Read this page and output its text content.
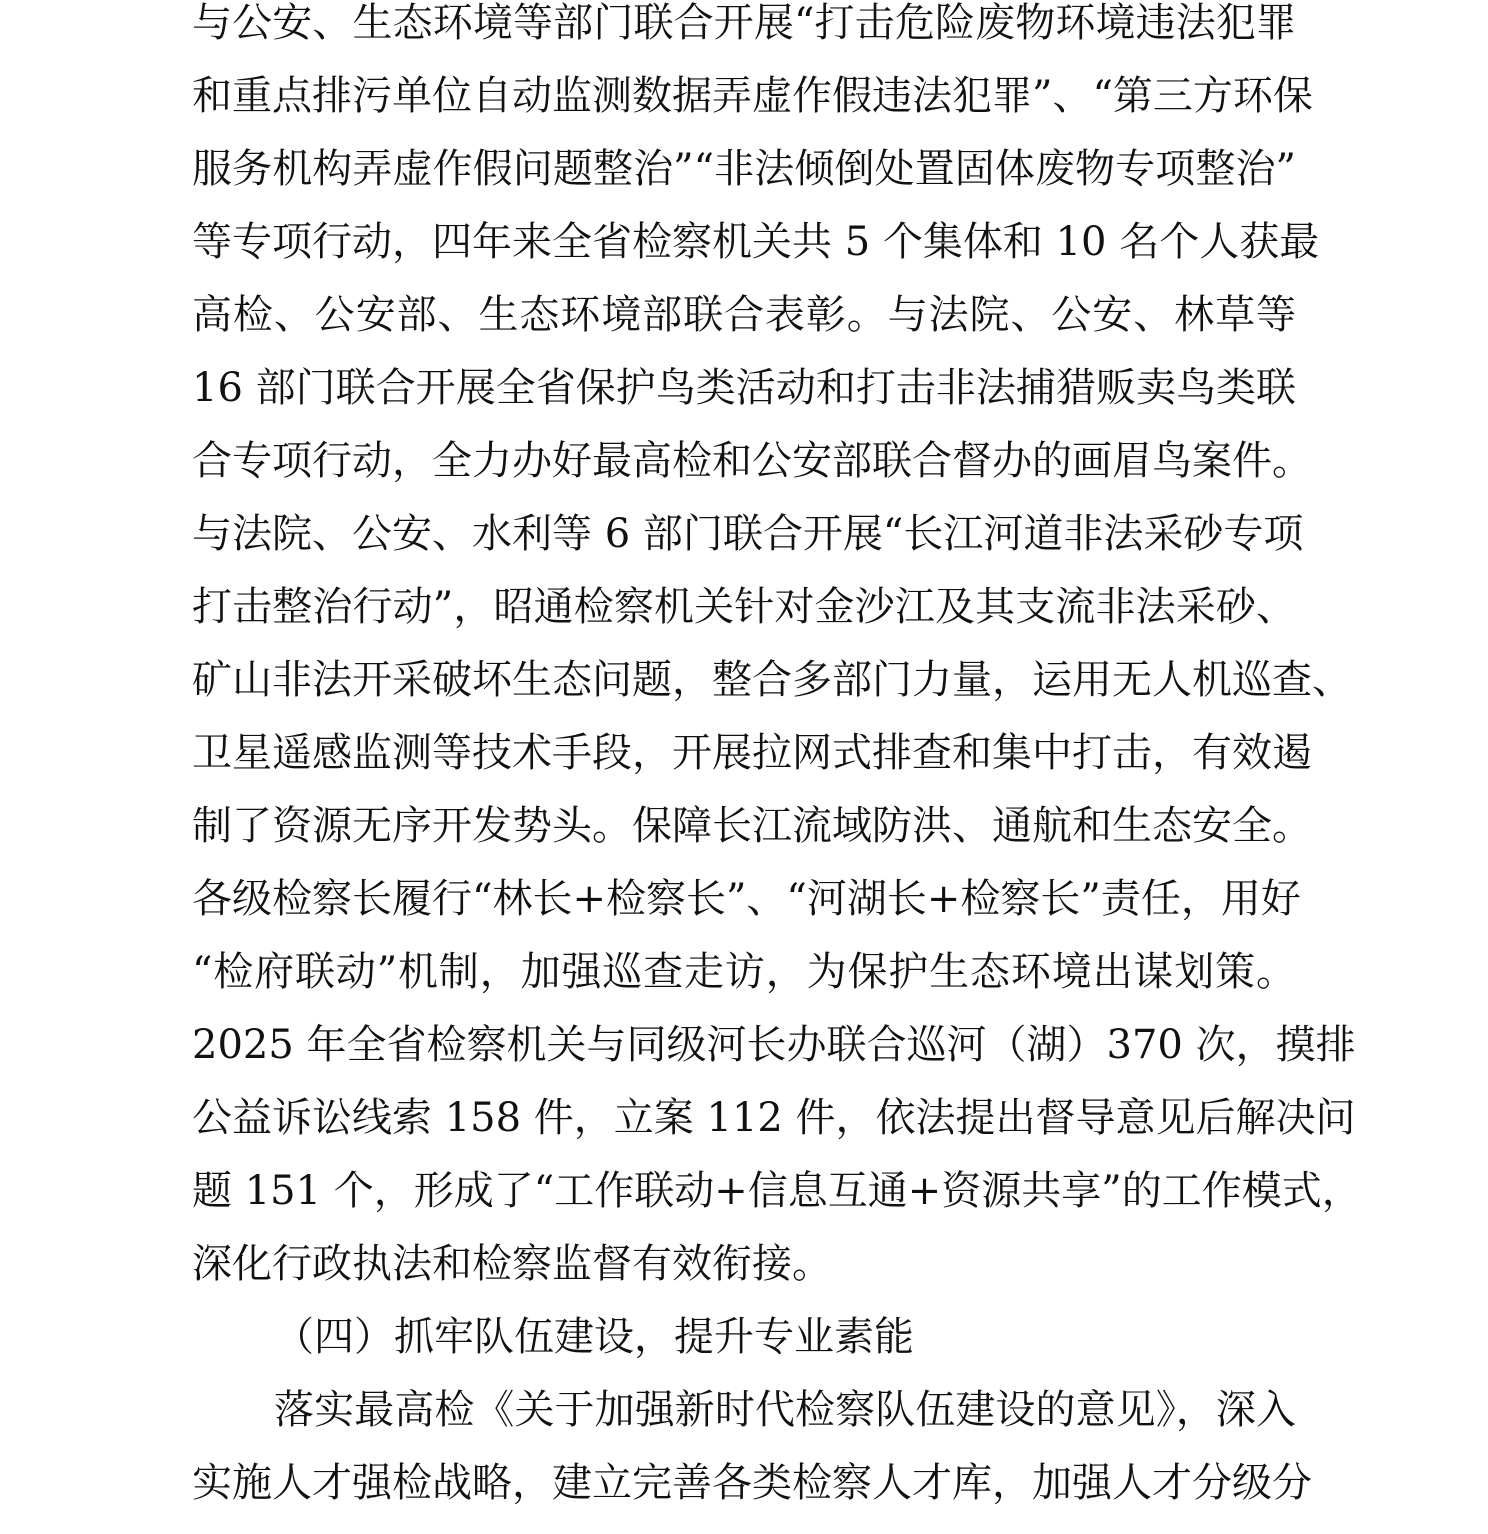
与公安、生态环境等部门联合开展“打击危险废物环境违法犯罪
和重点排污单位自动监测数据弄虚作假违法犯罪”、“第三方环保
服务机构弄虚作假问题整治”“非法倾倒处置固体废物专项整治”
等专项行动，四年来全省检察机关共 5 个集体和 10 名个人获最
高检、公安部、生态环境部联合表彰。与法院、公安、林草等
16 部门联合开展全省保护鸟类活动和打击非法捕猎贩卖鸟类联
合专项行动，全力办好最高检和公安部联合督办的画眉鸟案件。
与法院、公安、水利等 6 部门联合开展“长江河道非法采砂专项
打击整治行动”，昭通检察机关针对金沙江及其支流非法采砂、
矿山非法开采破坏生态问题，整合多部门力量，运用无人机巡查、
卫星遥感监测等技术手段，开展拉网式排查和集中打击，有效遏
制了资源无序开发势头。保障长江流域防洪、通航和生态安全。
各级检察长履行“林长+检察长”、“河湖长+检察长”责任，用好
“检府联动”机制，加强巡查走访，为保护生态环境出谋划策。
2025 年全省检察机关与同级河长办联合巡河（湖）370 次，摸排
公益诉讼线索 158 件，立案 112 件，依法提出督导意见后解决问
题 151 个，形成了“工作联动+信息互通+资源共享”的工作模式，
深化行政执法和检察监督有效衔接。
（四）抓牢队伍建设，提升专业素能
落实最高检《关于加强新时代检察队伍建设的意见》，深入
实施人才强检战略，建立完善各类检察人才库，加强人才分级分
